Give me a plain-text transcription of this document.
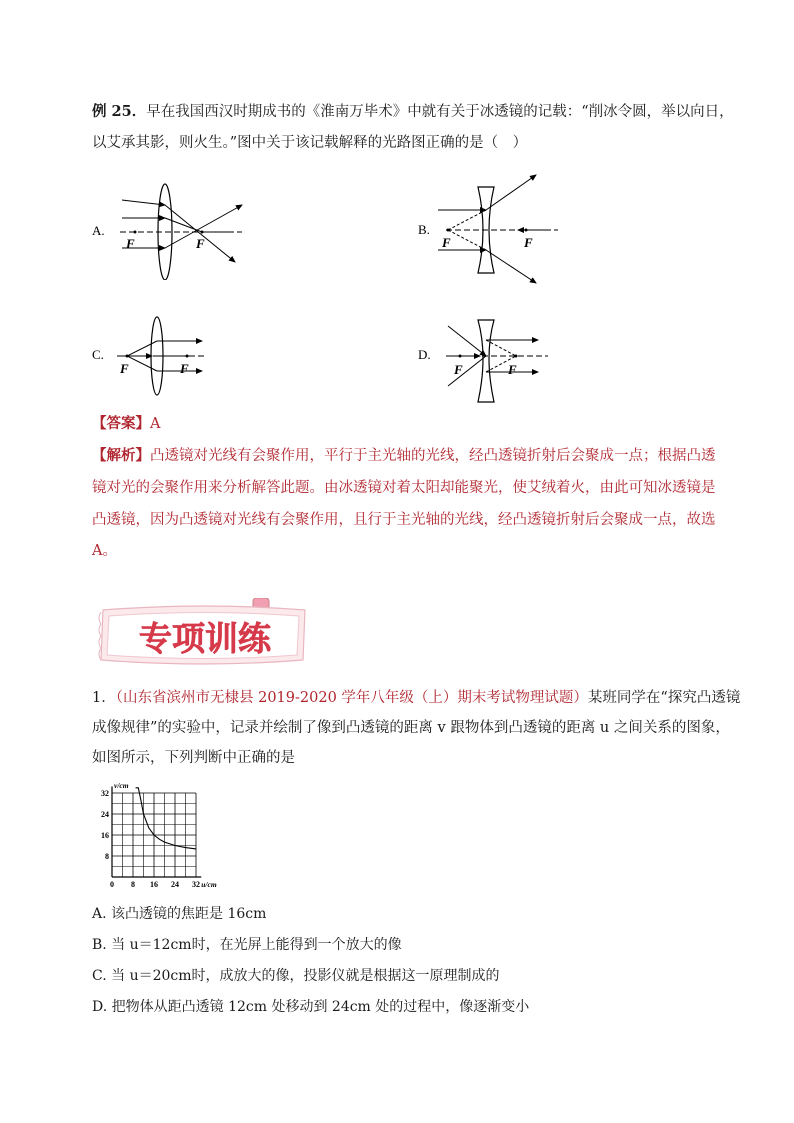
例 25．早在我国西汉时期成书的《淮南万毕术》中就有关于冰透镜的记载：“削冰令圆，举以向日，
以艾承其影，则火生。”图中关于该记载解释的光路图正确的是（　）
A.
F	F
B.
F	F
C.
F	F
D.
F	F
【答案】A
【解析】凸透镜对光线有会聚作用，平行于主光轴的光线，经凸透镜折射后会聚成一点；根据凸透
镜对光的会聚作用来分析解答此题。由冰透镜对着太阳却能聚光，使艾绒着火，由此可知冰透镜是
凸透镜，因为凸透镜对光线有会聚作用，且行于主光轴的光线，经凸透镜折射后会聚成一点，故选
A。
专项训练
1．（山东省滨州市无棣县 2019-2020 学年八年级（上）期末考试物理试题）某班同学在“探究凸透镜
成像规律”的实验中，记录并绘制了像到凸透镜的距离 v 跟物体到凸透镜的距离 u 之间关系的图象，
如图所示，下列判断中正确的是
0 8 16 24 32
8
16
24
32
u/cm
v/cm
A. 该凸透镜的焦距是 16cm
B. 当 u＝12cm时，在光屏上能得到一个放大的像
C. 当 u＝20cm时，成放大的像，投影仪就是根据这一原理制成的
D. 把物体从距凸透镜 12cm 处移动到 24cm 处的过程中，像逐渐变小
